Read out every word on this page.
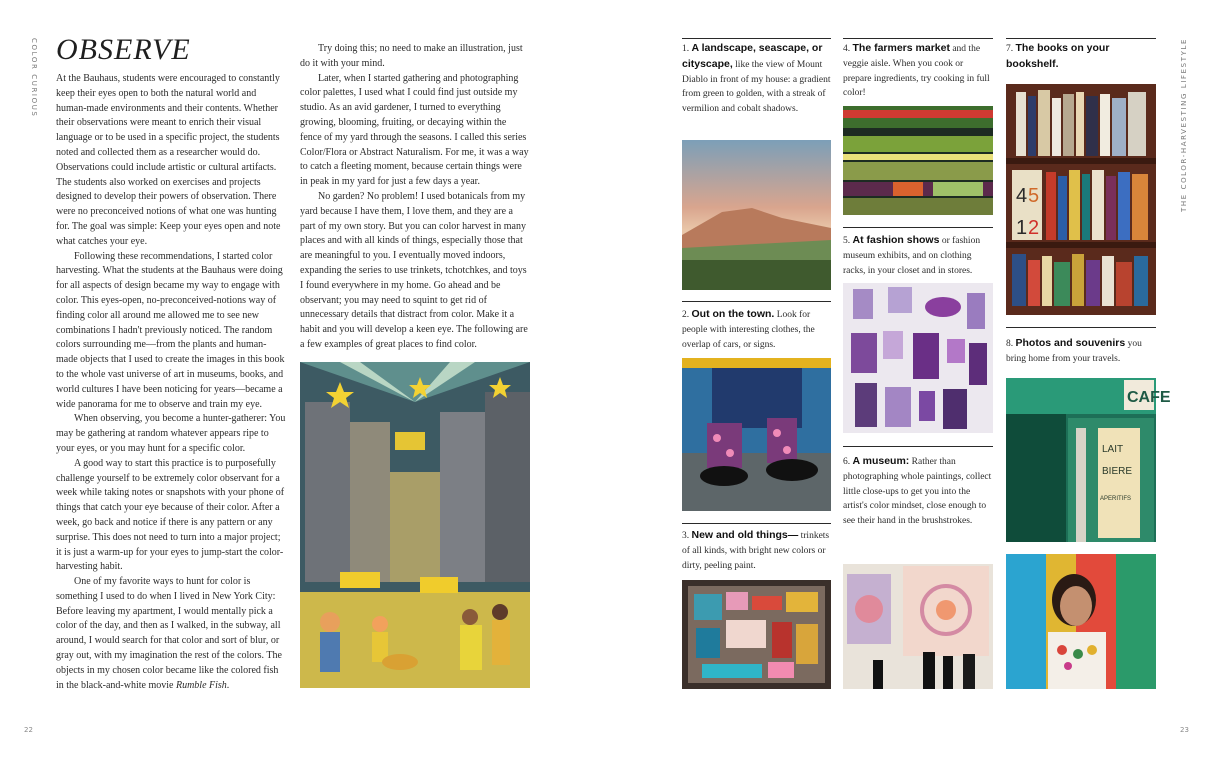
COLOR CURIOUS	THE COLOR-HARVESTING LIFESTYLE
22	23
OBSERVE

At the Bauhaus, students were encouraged to constantly keep their eyes open to both the natural world and human-made environments and their contents. Whether their observations were meant to enrich their visual language or to be used in a specific project, the students noted and collected them as a researcher would do. Observations could include artistic or cultural artifacts. The students also worked on exercises and projects designed to develop their powers of observation. There were no preconceived notions of what one was hunting for. The goal was simple: Keep your eyes open and note what catches your eye.

Following these recommendations, I started color harvesting. What the students at the Bauhaus were doing for all aspects of design became my way to engage with color. This eyes-open, no-preconceived-notions way of finding color all around me allowed me to see new combinations I hadn't previously noticed. The random colors surrounding me—from the plants and human-made objects that I used to create the images in this book to the whole vast universe of art in museums, books, and world cultures I have been noticing for years—became a wide panorama for me to observe and train my eye.

When observing, you become a hunter-gatherer: You may be gathering at random whatever appears ripe to your eyes, or you may hunt for a specific color.

A good way to start this practice is to purposefully challenge yourself to be extremely color observant for a week while taking notes or snapshots with your phone of things that catch your eye because of their color. After a week, go back and notice if there is any pattern or any surprise. This does not need to turn into a major project; it is just a warm-up for your eyes to jump-start the color-harvesting habit.

One of my favorite ways to hunt for color is something I used to do when I lived in New York City: Before leaving my apartment, I would mentally pick a color of the day, and then as I walked, in the subway, all around, I would search for that color and sort of blur, or gray out, with my imagination the rest of the colors. The objects in my chosen color became like the colored fish in the black-and-white movie Rumble Fish.

Try doing this; no need to make an illustration, just do it with your mind.

Later, when I started gathering and photographing color palettes, I used what I could find just outside my studio. As an avid gardener, I turned to everything growing, blooming, fruiting, or decaying within the fence of my yard through the seasons. I called this series Color/Flora or Abstract Naturalism. For me, it was a way to catch a fleeting moment, because certain things were in peak in my yard for just a few days a year.

No garden? No problem! I used botanicals from my yard because I have them, I love them, and they are a part of my own story. But you can color harvest in many places and with all kinds of things, especially those that are meaningful to you. I eventually moved indoors, expanding the series to use trinkets, tchotchkes, and toys I found everywhere in my home. Go ahead and be observant; you may need to squint to get rid of unnecessary details that distract from color. Make it a habit and you will develop a keen eye. The following are a few examples of great places to find color.

1. A landscape, seascape, or cityscape, like the view of Mount Diablo in front of my house: a gradient from green to golden, with a streak of vermilion and cobalt shadows.
2. Out on the town. Look for people with interesting clothes, the overlap of cars, or signs.
3. New and old things— trinkets of all kinds, with bright new colors or dirty, peeling paint.
4. The farmers market and the veggie aisle. When you cook or prepare ingredients, try cooking in full color!
5. At fashion shows or fashion museum exhibits, and on clothing racks, in your closet and in stores.
6. A museum: Rather than photographing whole paintings, collect little close-ups to get you into the artist's color mindset, close enough to see their hand in the brushstrokes.
7. The books on your bookshelf.
4 5
1 2
8. Photos and souvenirs you bring home from your travels.
CAFE
LAIT
BIERE
APERITIFS
